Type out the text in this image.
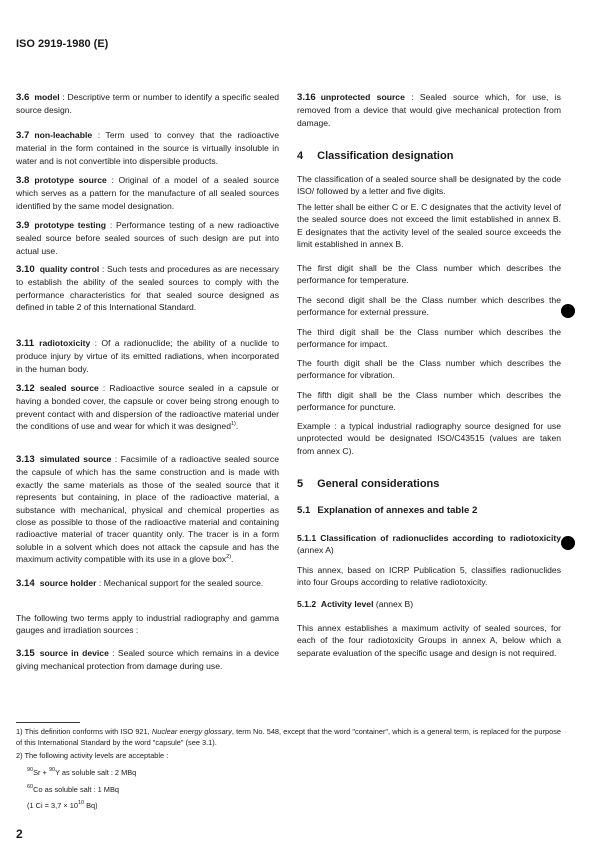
ISO 2919-1980 (E)
3.16 unprotected source : Sealed source which, for use, is removed from a device that would give mechanical protection from damage.
4 Classification designation
The classification of a sealed source shall be designated by the code ISO/ followed by a letter and five digits.
The letter shall be either C or E. C designates that the activity level of the sealed source does not exceed the limit established in annex B. E designates that the activity level of the sealed source exceeds the limit established in annex B.
The first digit shall be the Class number which describes the performance for temperature.
The second digit shall be the Class number which describes the performance for external pressure.
The third digit shall be the Class number which describes the performance for impact.
The fourth digit shall be the Class number which describes the performance for vibration.
The fifth digit shall be the Class number which describes the performance for puncture.
Example : a typical industrial radiography source designed for use unprotected would be designated ISO/C43515 (values are taken from annex C).
5 General considerations
5.1 Explanation of annexes and table 2
5.1.1 Classification of radionuclides according to radiotoxicity (annex A)
This annex, based on ICRP Publication 5, classifies radionuclides into four Groups according to relative radiotoxicity.
5.1.2 Activity level (annex B)
This annex establishes a maximum activity of sealed sources, for each of the four radiotoxicity Groups in annex A, below which a separate evaluation of the specific usage and design is not required.
1) This definition conforms with ISO 921, Nuclear energy glossary, term No. 548, except that the word "container", which is a general term, is replaced for the purpose of this International Standard by the word "capsule" (see 3.1).
2) The following activity levels are acceptable :
$^{90}$Sr + $^{90}$Y as soluble salt : 2 MBq
$^{60}$Co as soluble salt : 1 MBq
(1 $Ci = 3,7 \times 10^{10}$ Bq)
2
3.6 model : Descriptive term or number to identify a specific sealed source design.
3.7 non-leachable : Term used to convey that the radioactive material in the form contained in the source is virtually insoluble in water and is not convertible into dispersible products.
3.8 prototype source : Original of a model of a sealed source which serves as a pattern for the manufacture of all sealed sources identified by the same model designation.
3.9 prototype testing : Performance testing of a new radioactive sealed source before sealed sources of such design are put into actual use.
3.10 quality control : Such tests and procedures as are necessary to establish the ability of the sealed sources to comply with the performance characteristics for that sealed source designed as defined in table 2 of this International Standard.
3.11 radiotoxicity : Of a radionuclide; the ability of a nuclide to produce injury by virtue of its emitted radiations, when incorporated in the human body.
3.12 sealed source : Radioactive source sealed in a capsule or having a bonded cover, the capsule or cover being strong enough to prevent contact with and dispersion of the radioactive material under the conditions of use and wear for which it was designed$^{1)}$.
3.13 simulated source : Facsimile of a radioactive sealed source the capsule of which has the same construction and is made with exactly the same materials as those of the sealed source that it represents but containing, in place of the radioactive material, a substance with mechanical, physical and chemical properties as close as possible to those of the radioactive material and containing radioactive material of tracer quantity only. The tracer is in a form soluble in a solvent which does not attack the capsule and has the maximum activity compatible with its use in a glove box$^{2)}$.
3.14 source holder : Mechanical support for the sealed source.
The following two terms apply to industrial radiography and gamma gauges and irradiation sources :
3.15 source in device : Sealed source which remains in a device giving mechanical protection from damage during use.
